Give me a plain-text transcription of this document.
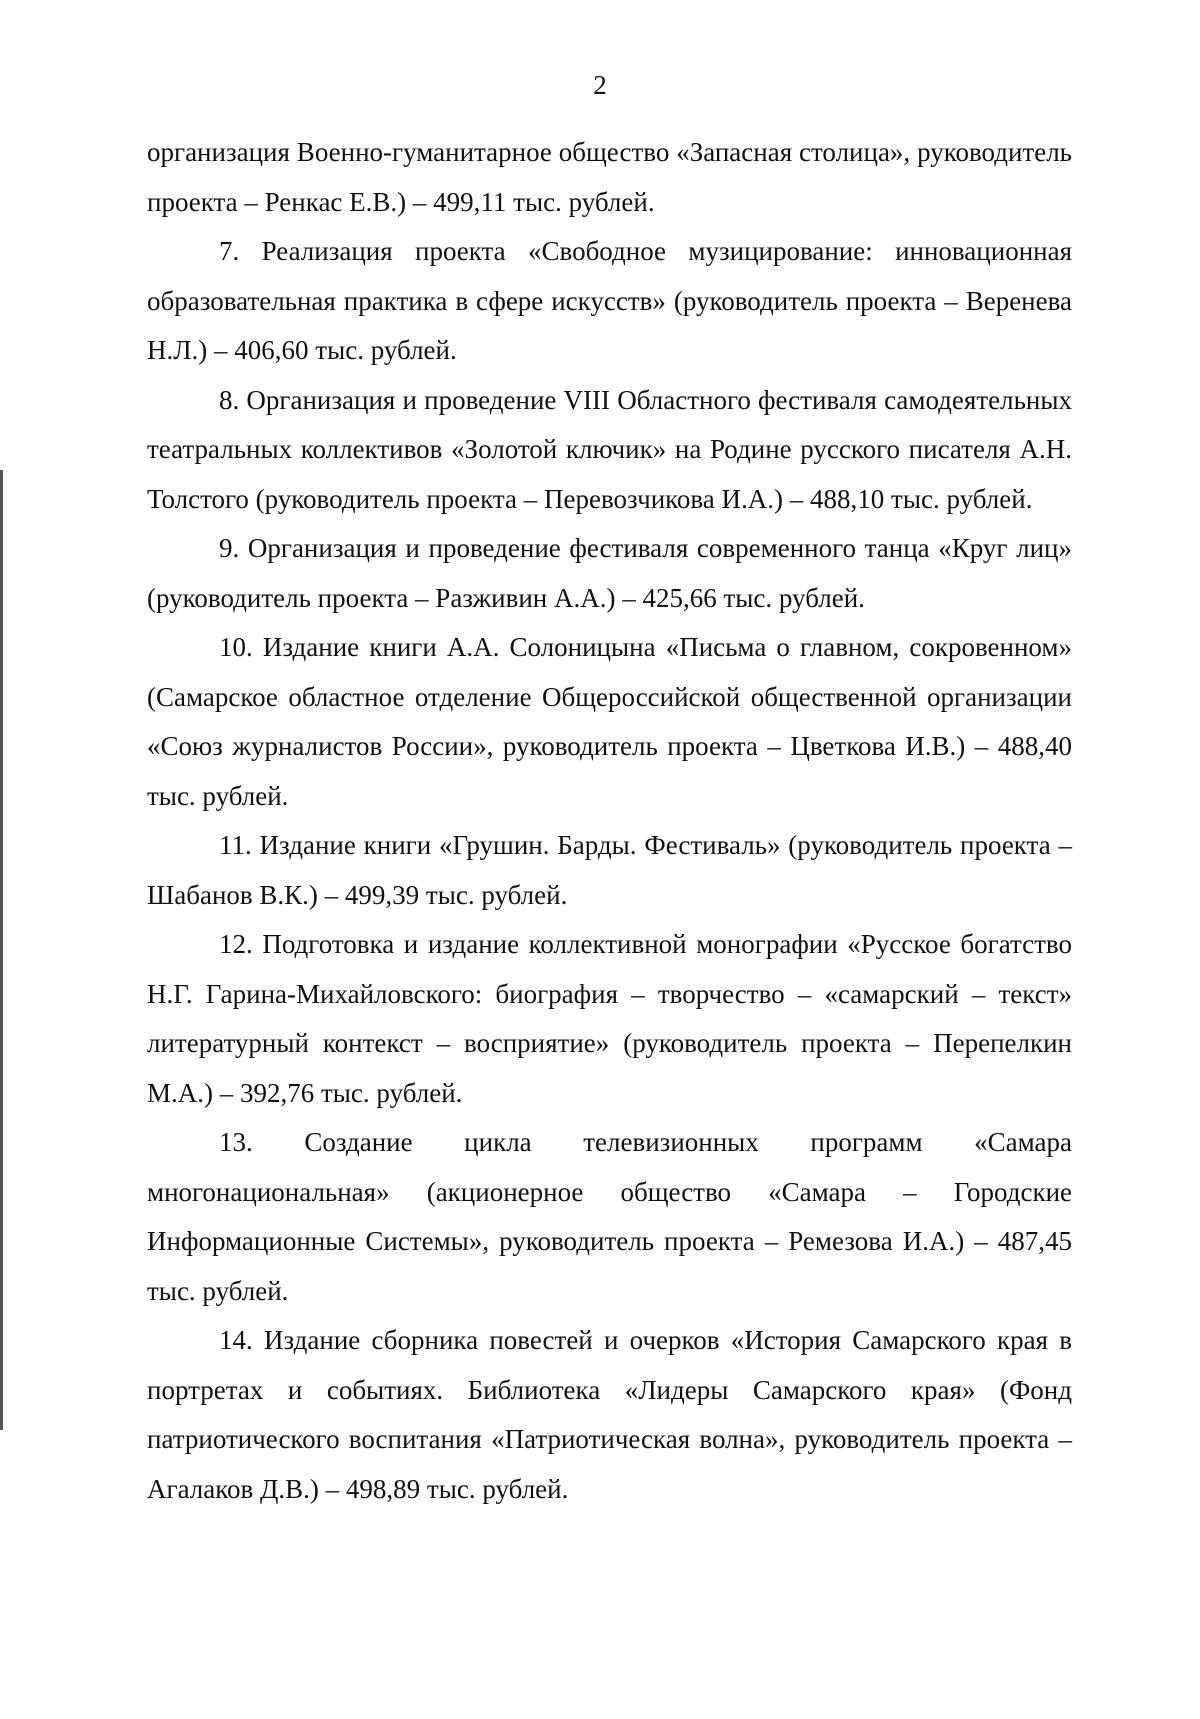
2

организация Военно-гуманитарное общество «Запасная столица», руководитель проекта – Ренкас Е.В.) – 499,11 тыс. рублей.

7. Реализация проекта «Свободное музицирование: инновационная образовательная практика в сфере искусств» (руководитель проекта – Веренева Н.Л.) – 406,60 тыс. рублей.

8. Организация и проведение VIII Областного фестиваля самодеятельных театральных коллективов «Золотой ключик» на Родине русского писателя А.Н. Толстого (руководитель проекта – Перевозчикова И.А.) – 488,10 тыс. рублей.

9. Организация и проведение фестиваля современного танца «Круг лиц» (руководитель проекта – Разживин А.А.) – 425,66 тыс. рублей.

10. Издание книги А.А. Солоницына «Письма о главном, сокровенном» (Самарское областное отделение Общероссийской общественной организации «Союз журналистов России», руководитель проекта – Цветкова И.В.) – 488,40 тыс. рублей.

11. Издание книги «Грушин. Барды. Фестиваль» (руководитель проекта – Шабанов В.К.) – 499,39 тыс. рублей.

12. Подготовка и издание коллективной монографии «Русское богатство Н.Г. Гарина-Михайловского: биография – творчество – «самарский – текст» литературный контекст – восприятие» (руководитель проекта – Перепелкин М.А.) – 392,76 тыс. рублей.

13. Создание цикла телевизионных программ «Самара многонациональная» (акционерное общество «Самара – Городские Информационные Системы», руководитель проекта – Ремезова И.А.) – 487,45 тыс. рублей.

14. Издание сборника повестей и очерков «История Самарского края в портретах и событиях. Библиотека «Лидеры Самарского края» (Фонд патриотического воспитания «Патриотическая волна», руководитель проекта – Агалаков Д.В.) – 498,89 тыс. рублей.
